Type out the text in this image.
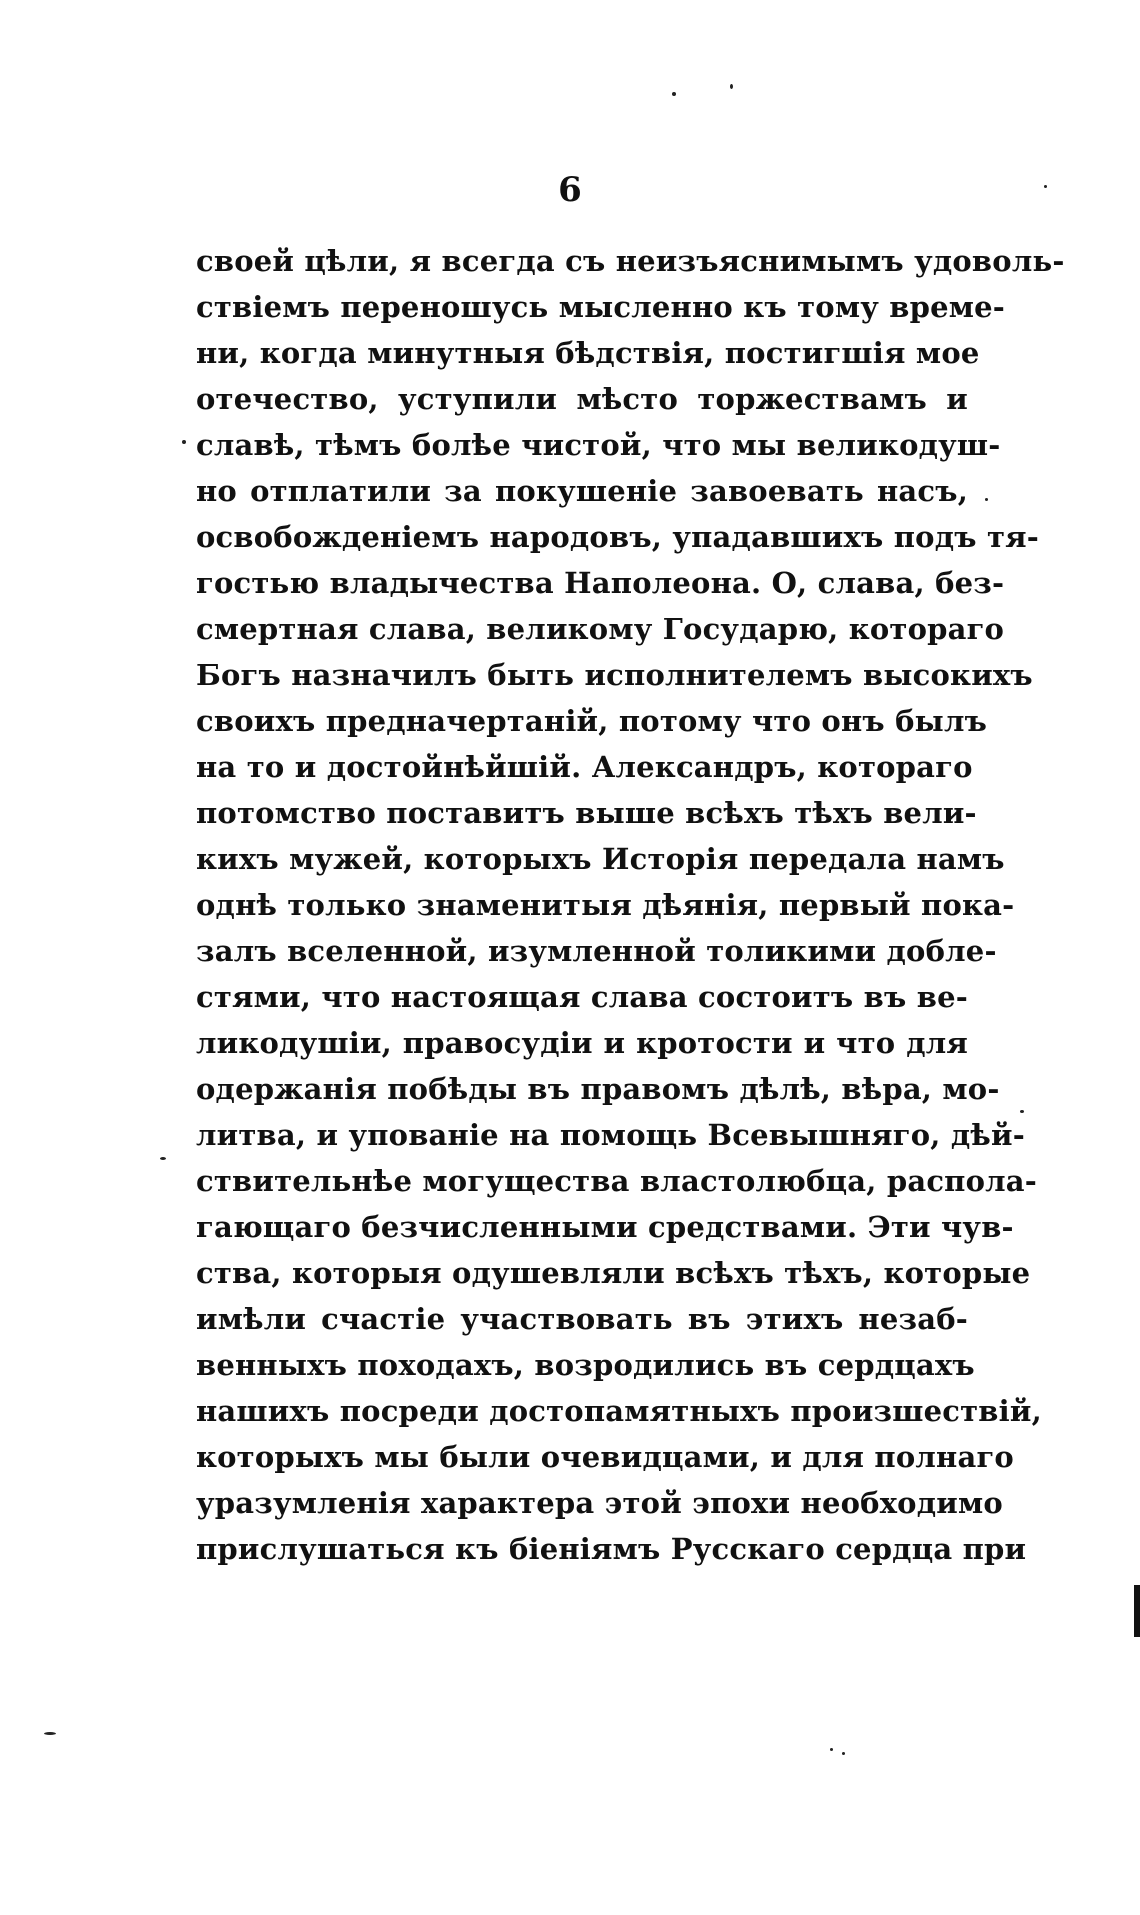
6
своей цѣли, я всегда съ неизъяснимымъ удоволь-
ствіемъ переношусь мысленно къ тому време-
ни, когда минутныя бѣдствія, постигшія мое
отечество, уступили мѣсто торжествамъ и
славѣ, тѣмъ болѣе чистой, что мы великодуш-
но отплатили за покушеніе завоевать насъ,
освобожденіемъ народовъ, упадавшихъ подъ тя-
гостью владычества Наполеона. О, слава, без-
смертная слава, великому Государю, котораго
Богъ назначилъ быть исполнителемъ высокихъ
своихъ предначертаній, потому что онъ былъ
на то и достойнѣйшій. Александръ, котораго
потомство поставитъ выше всѣхъ тѣхъ вели-
кихъ мужей, которыхъ Исторія передала намъ
однѣ только знаменитыя дѣянія, первый пока-
залъ вселенной, изумленной толикими добле-
стями, что настоящая слава состоитъ въ ве-
ликодушіи, правосудіи и кротости и что для
одержанія побѣды въ правомъ дѣлѣ, вѣра, мо-
литва, и упованіе на помощь Всевышняго, дѣй-
ствительнѣе могущества властолюбца, распола-
гающаго безчисленными средствами. Эти чув-
ства, которыя одушевляли всѣхъ тѣхъ, которые
имѣли счастіе участвовать въ этихъ незаб-
венныхъ походахъ, возродились въ сердцахъ
нашихъ посреди достопамятныхъ произшествій,
которыхъ мы были очевидцами, и для полнаго
уразумленія характера этой эпохи необходимо
прислушаться къ біеніямъ Русскаго сердца при
